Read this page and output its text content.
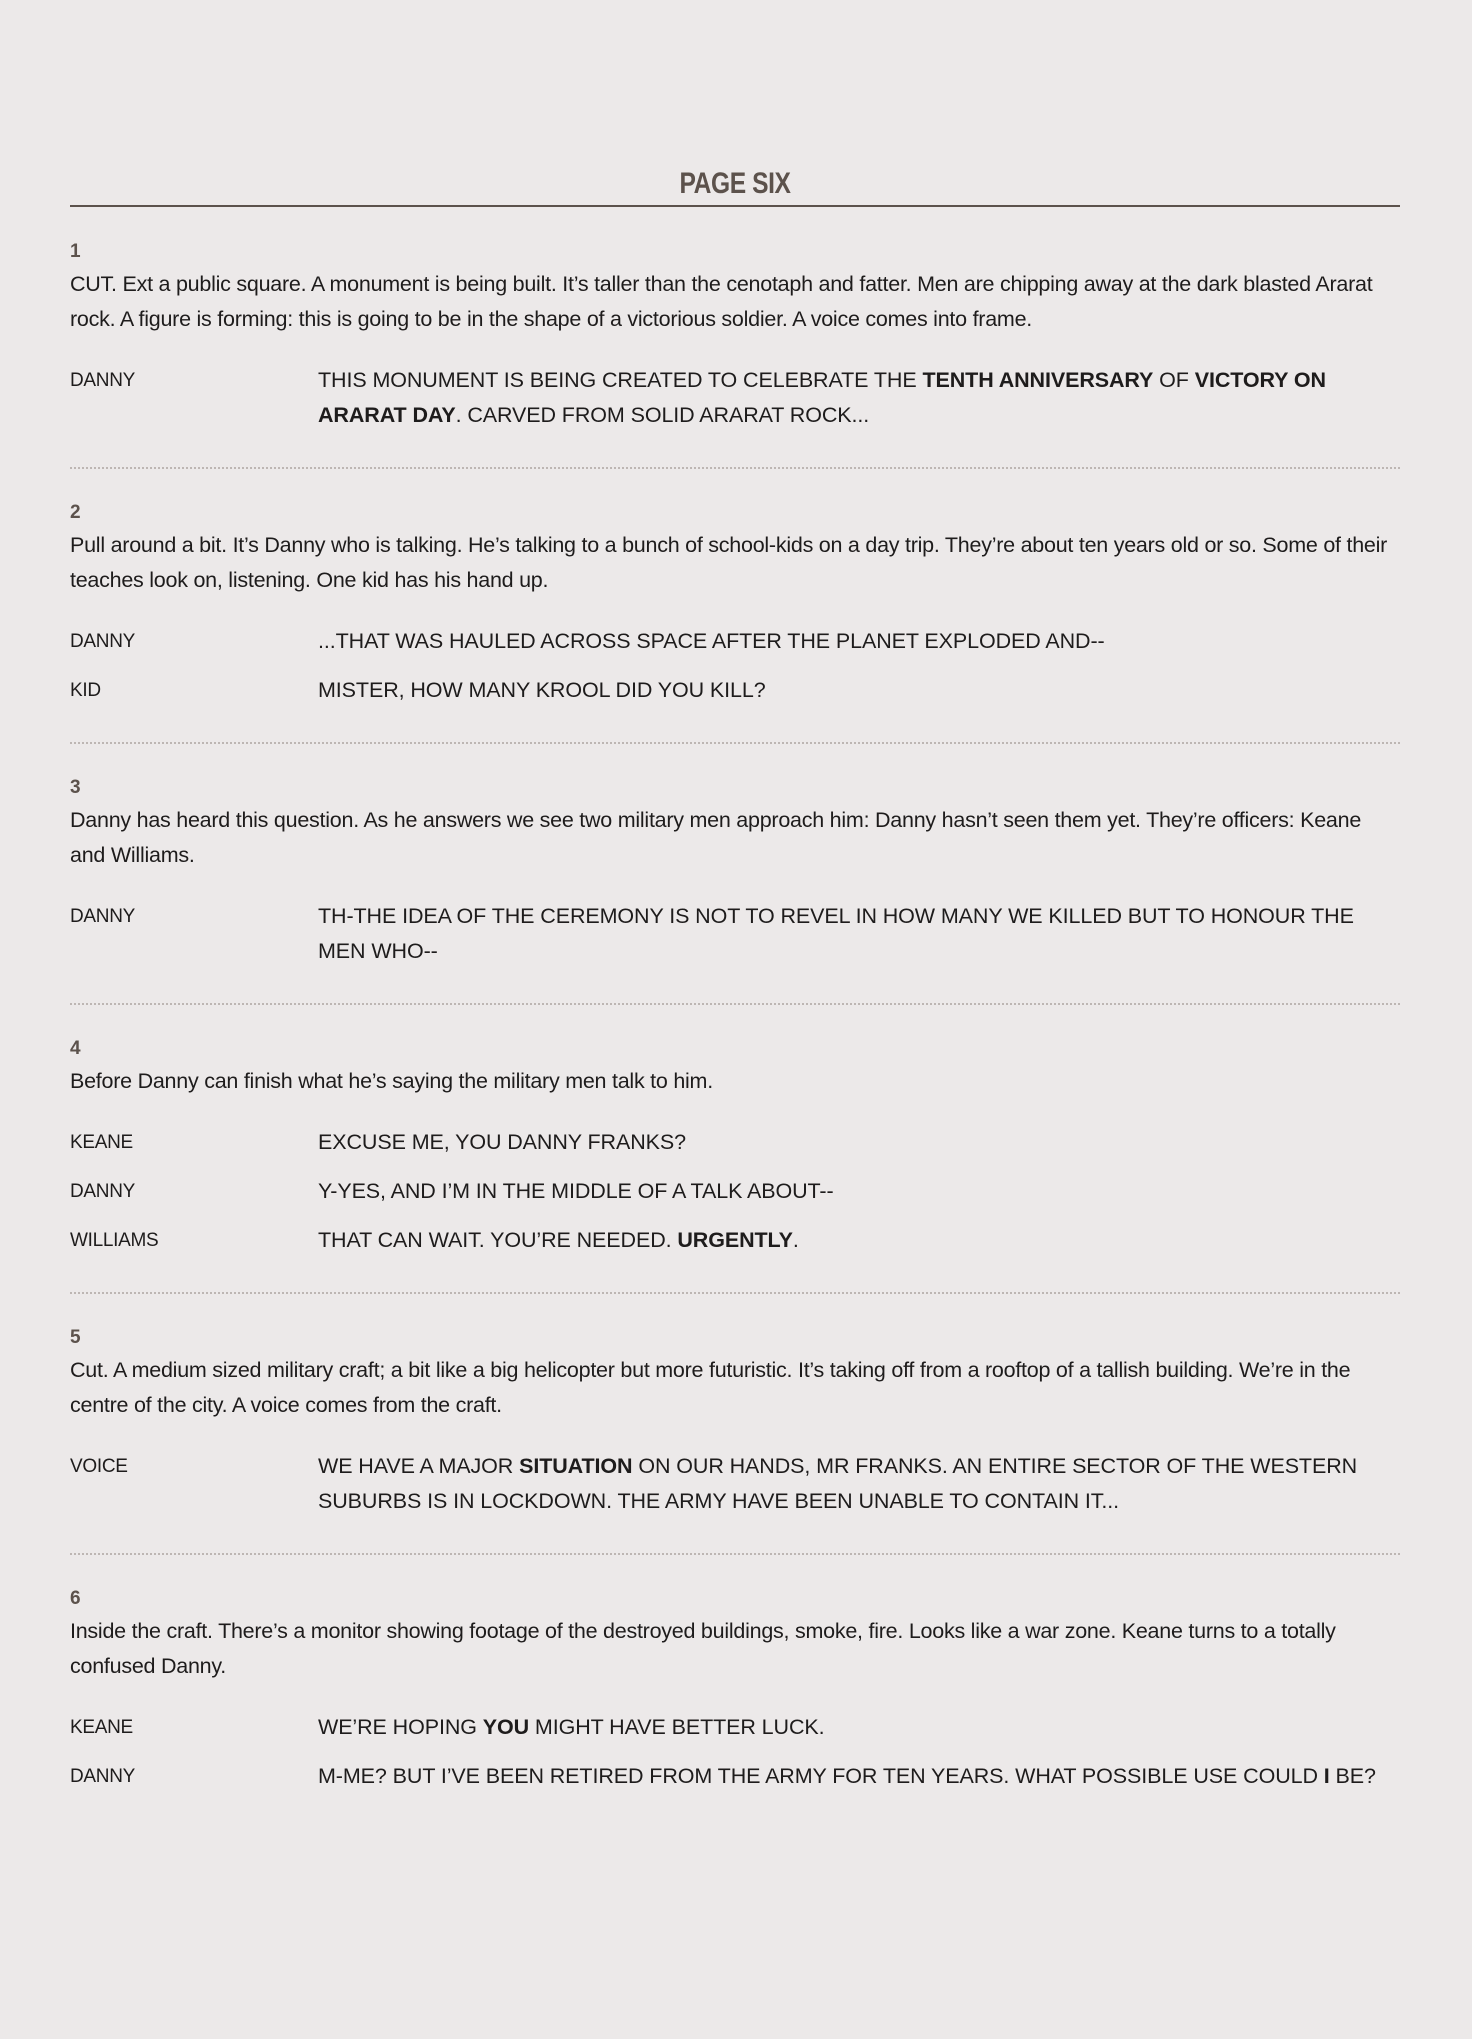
PAGE SIX
1
CUT. Ext a public square. A monument is being built. It’s taller than the cenotaph and fatter. Men are chipping away at the dark blasted Ararat rock. A figure is forming: this is going to be in the shape of a victorious soldier. A voice comes into frame.
DANNY	THIS MONUMENT IS BEING CREATED TO CELEBRATE THE TENTH ANNIVERSARY OF VICTORY ON ARARAT DAY. CARVED FROM SOLID ARARAT ROCK...
2
Pull around a bit. It’s Danny who is talking. He’s talking to a bunch of school-kids on a day trip. They’re about ten years old or so. Some of their teaches look on, listening. One kid has his hand up.
DANNY	...THAT WAS HAULED ACROSS SPACE AFTER THE PLANET EXPLODED AND--
KID	MISTER, HOW MANY KROOL DID YOU KILL?
3
Danny has heard this question. As he answers we see two military men approach him: Danny hasn’t seen them yet. They’re officers: Keane and Williams.
DANNY	TH-THE IDEA OF THE CEREMONY IS NOT TO REVEL IN HOW MANY WE KILLED BUT TO HONOUR THE MEN WHO--
4
Before Danny can finish what he’s saying the military men talk to him.
KEANE	EXCUSE ME, YOU DANNY FRANKS?
DANNY	Y-YES, AND I’M IN THE MIDDLE OF A TALK ABOUT--
WILLIAMS	THAT CAN WAIT. YOU’RE NEEDED. URGENTLY.
5
Cut. A medium sized military craft; a bit like a big helicopter but more futuristic. It’s taking off from a rooftop of a tallish building. We’re in the centre of the city. A voice comes from the craft.
VOICE	WE HAVE A MAJOR SITUATION ON OUR HANDS, MR FRANKS. AN ENTIRE SECTOR OF THE WESTERN SUBURBS IS IN LOCKDOWN. THE ARMY HAVE BEEN UNABLE TO CONTAIN IT...
6
Inside the craft. There’s a monitor showing footage of the destroyed buildings, smoke, fire. Looks like a war zone. Keane turns to a totally confused Danny.
KEANE	WE’RE HOPING YOU MIGHT HAVE BETTER LUCK.
DANNY	M-ME? BUT I’VE BEEN RETIRED FROM THE ARMY FOR TEN YEARS. WHAT POSSIBLE USE COULD I BE?
